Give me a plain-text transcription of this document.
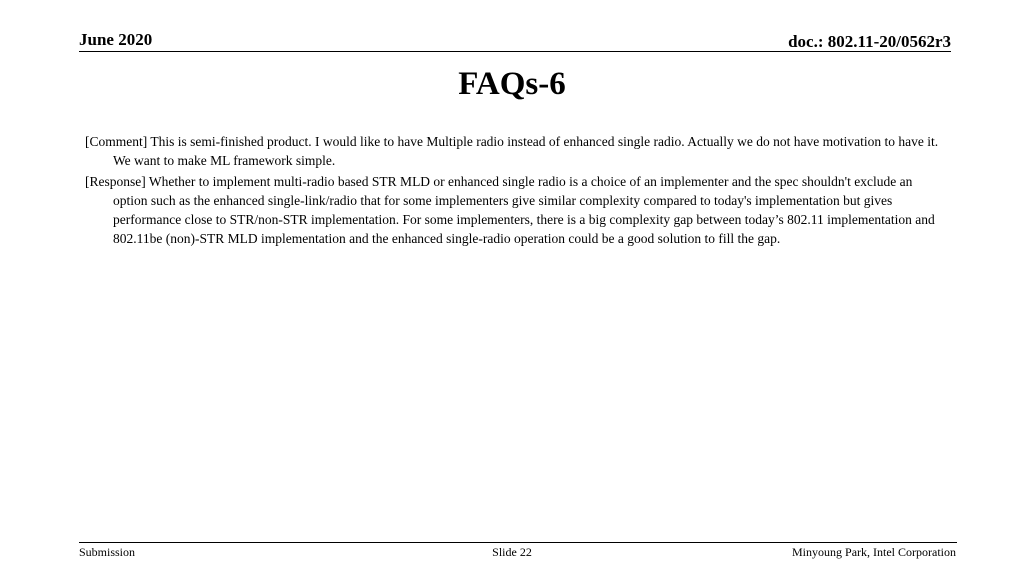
June 2020	doc.: 802.11-20/0562r3
FAQs-6

[Comment] This is semi-finished product. I would like to have Multiple radio instead of enhanced single radio. Actually we do not have motivation to have it. We want to make ML framework simple.

[Response] Whether to implement multi-radio based STR MLD or enhanced single radio is a choice of an implementer and the spec shouldn't exclude an option such as the enhanced single-link/radio that for some implementers give similar complexity compared to today's implementation but gives performance close to STR/non-STR implementation. For some implementers, there is a big complexity gap between today’s 802.11 implementation and 802.11be (non)-STR MLD implementation and the enhanced single-radio operation could be a good solution to fill the gap.

Submission	Slide 22	Minyoung Park, Intel Corporation
